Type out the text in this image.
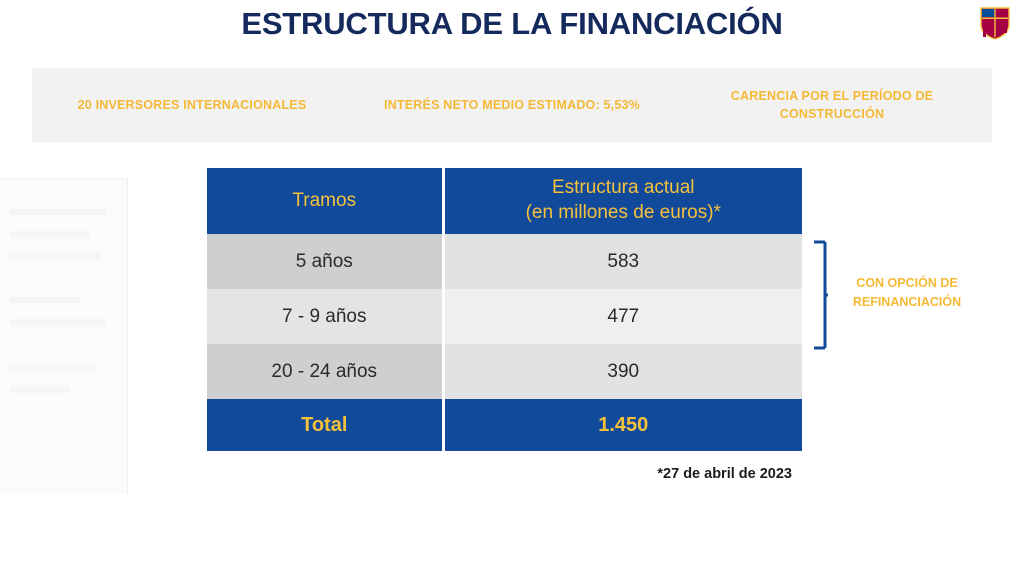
ESTRUCTURA DE LA FINANCIACIÓN
20 INVERSORES INTERNACIONALES	INTERÉS NETO MEDIO ESTIMADO: 5,53%
CARENCIA POR EL PERÍODO DE CONSTRUCCIÓN
Tramos	Estructura actual
(en millones de euros)*

5 años	583
7 - 9 años	477
20 - 24 años	390
Total	1.450
CON OPCIÓN DE
REFINANCIACIÓN
*27 de abril de 2023
